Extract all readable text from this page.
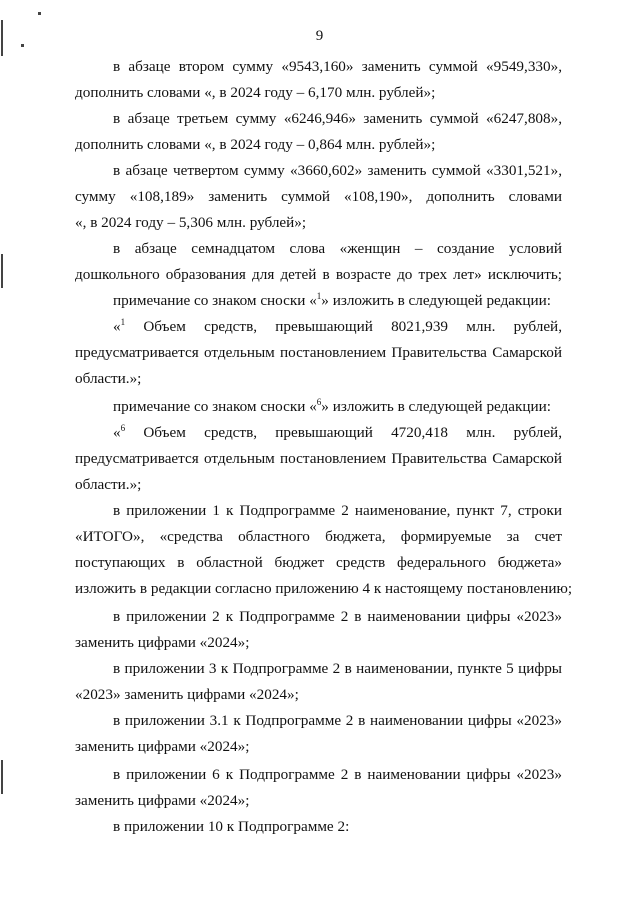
9
в абзаце втором сумму «9543,160» заменить суммой «9549,330»,
дополнить словами «, в 2024 году – 6,170 млн. рублей»;
в абзаце третьем сумму «6246,946» заменить суммой «6247,808»,
дополнить словами «, в 2024 году – 0,864 млн. рублей»;
в абзаце четвертом сумму «3660,602» заменить суммой «3301,521»,
сумму «108,189» заменить суммой «108,190», дополнить словами
«, в 2024 году – 5,306 млн. рублей»;
в абзаце семнадцатом слова «женщин – создание условий
дошкольного образования для детей в возрасте до трех лет» исключить;
примечание со знаком сноски «$^1$» изложить в следующей редакции:
«$^1$ Объем средств, превышающий 8021,939 млн. рублей,
предусматривается отдельным постановлением Правительства Самарской
области.»;
примечание со знаком сноски «$^6$» изложить в следующей редакции:
«$^6$ Объем средств, превышающий 4720,418 млн. рублей,
предусматривается отдельным постановлением Правительства Самарской
области.»;
в приложении 1 к Подпрограмме 2 наименование, пункт 7, строки
«ИТОГО», «средства областного бюджета, формируемые за счет
поступающих в областной бюджет средств федерального бюджета»
изложить в редакции согласно приложению 4 к настоящему постановлению;
в приложении 2 к Подпрограмме 2 в наименовании цифры «2023»
заменить цифрами «2024»;
в приложении 3 к Подпрограмме 2 в наименовании, пункте 5 цифры
«2023» заменить цифрами «2024»;
в приложении 3.1 к Подпрограмме 2 в наименовании цифры «2023»
заменить цифрами «2024»;
в приложении 6 к Подпрограмме 2 в наименовании цифры «2023»
заменить цифрами «2024»;
в приложении 10 к Подпрограмме 2:
